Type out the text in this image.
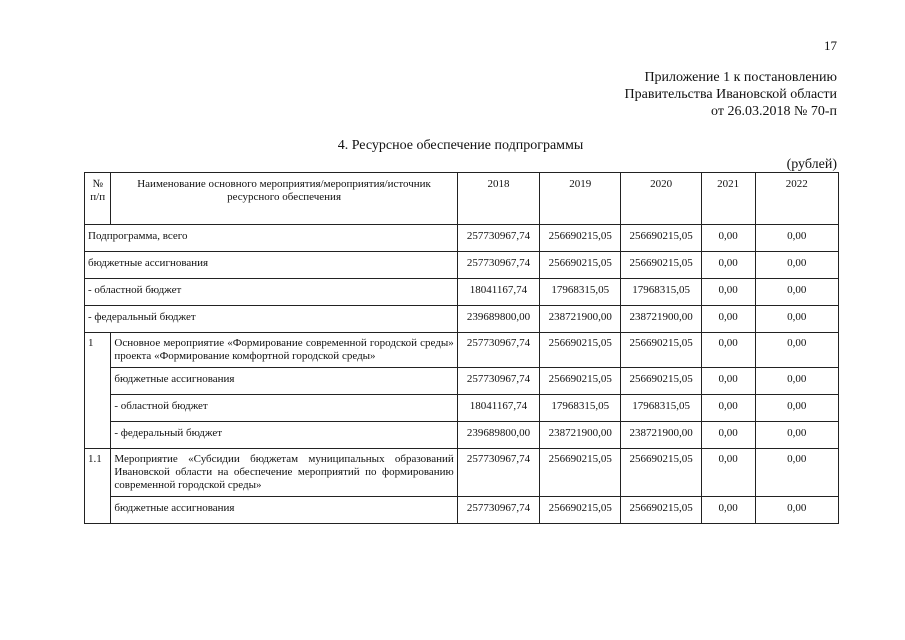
17
Приложение 1 к постановлению
Правительства Ивановской области
от 26.03.2018 № 70-п
4. Ресурсное обеспечение подпрограммы
(рублей)
№ п/п	Наименование основного мероприятия/мероприятия/источник ресурсного обеспечения	2018	2019	2020	2021	2022
Подпрограмма, всего		257730967,74	256690215,05	256690215,05	0,00	0,00
бюджетные ассигнования		257730967,74	256690215,05	256690215,05	0,00	0,00
- областной бюджет		18041167,74	17968315,05	17968315,05	0,00	0,00
- федеральный бюджет		239689800,00	238721900,00	238721900,00	0,00	0,00
1	Основное мероприятие «Формирование современной городской среды» проекта «Формирование комфортной городской среды»	257730967,74	256690215,05	256690215,05	0,00	0,00
	бюджетные ассигнования	257730967,74	256690215,05	256690215,05	0,00	0,00
	- областной бюджет	18041167,74	17968315,05	17968315,05	0,00	0,00
	- федеральный бюджет	239689800,00	238721900,00	238721900,00	0,00	0,00
1.1	Мероприятие «Субсидии бюджетам муниципальных образований Ивановской области на обеспечение мероприятий по формированию современной городской среды»	257730967,74	256690215,05	256690215,05	0,00	0,00
	бюджетные ассигнования	257730967,74	256690215,05	256690215,05	0,00	0,00
